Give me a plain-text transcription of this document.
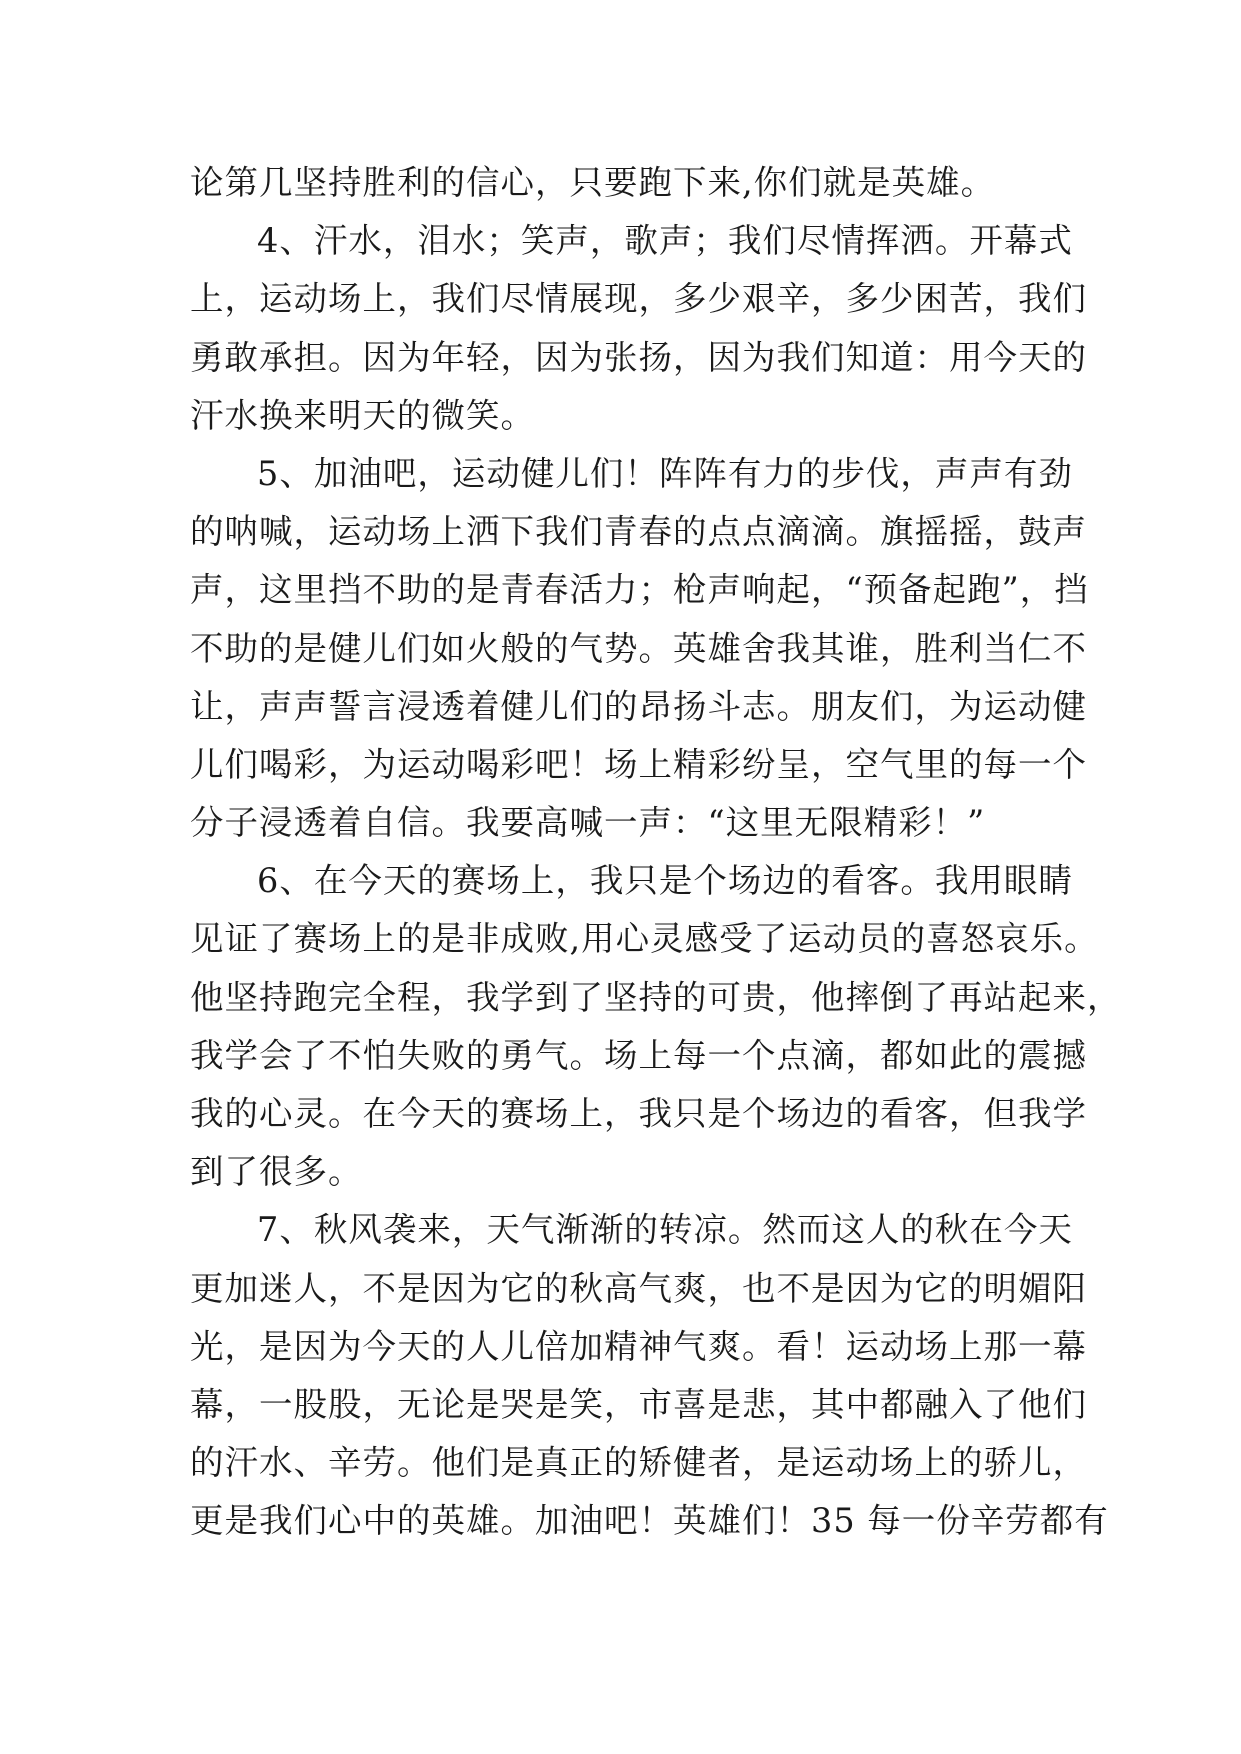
论第几坚持胜利的信心，只要跑下来,你们就是英雄。
4、汗水，泪水；笑声，歌声；我们尽情挥洒。开幕式
上，运动场上，我们尽情展现，多少艰辛，多少困苦，我们
勇敢承担。因为年轻，因为张扬，因为我们知道：用今天的
汗水换来明天的微笑。
5、加油吧，运动健儿们！阵阵有力的步伐，声声有劲
的呐喊，运动场上洒下我们青春的点点滴滴。旗摇摇，鼓声
声，这里挡不助的是青春活力；枪声响起，“预备起跑”，挡
不助的是健儿们如火般的气势。英雄舍我其谁，胜利当仁不
让，声声誓言浸透着健儿们的昂扬斗志。朋友们，为运动健
儿们喝彩，为运动喝彩吧！场上精彩纷呈，空气里的每一个
分子浸透着自信。我要高喊一声：“这里无限精彩！”
6、在今天的赛场上，我只是个场边的看客。我用眼睛
见证了赛场上的是非成败,用心灵感受了运动员的喜怒哀乐。
他坚持跑完全程，我学到了坚持的可贵，他摔倒了再站起来，
我学会了不怕失败的勇气。场上每一个点滴，都如此的震撼
我的心灵。在今天的赛场上，我只是个场边的看客，但我学
到了很多。
7、秋风袭来，天气渐渐的转凉。然而这人的秋在今天
更加迷人，不是因为它的秋高气爽，也不是因为它的明媚阳
光，是因为今天的人儿倍加精神气爽。看！运动场上那一幕
幕，一股股，无论是哭是笑，市喜是悲，其中都融入了他们
的汗水、辛劳。他们是真正的矫健者，是运动场上的骄儿，
更是我们心中的英雄。加油吧！英雄们！35 每一份辛劳都有
